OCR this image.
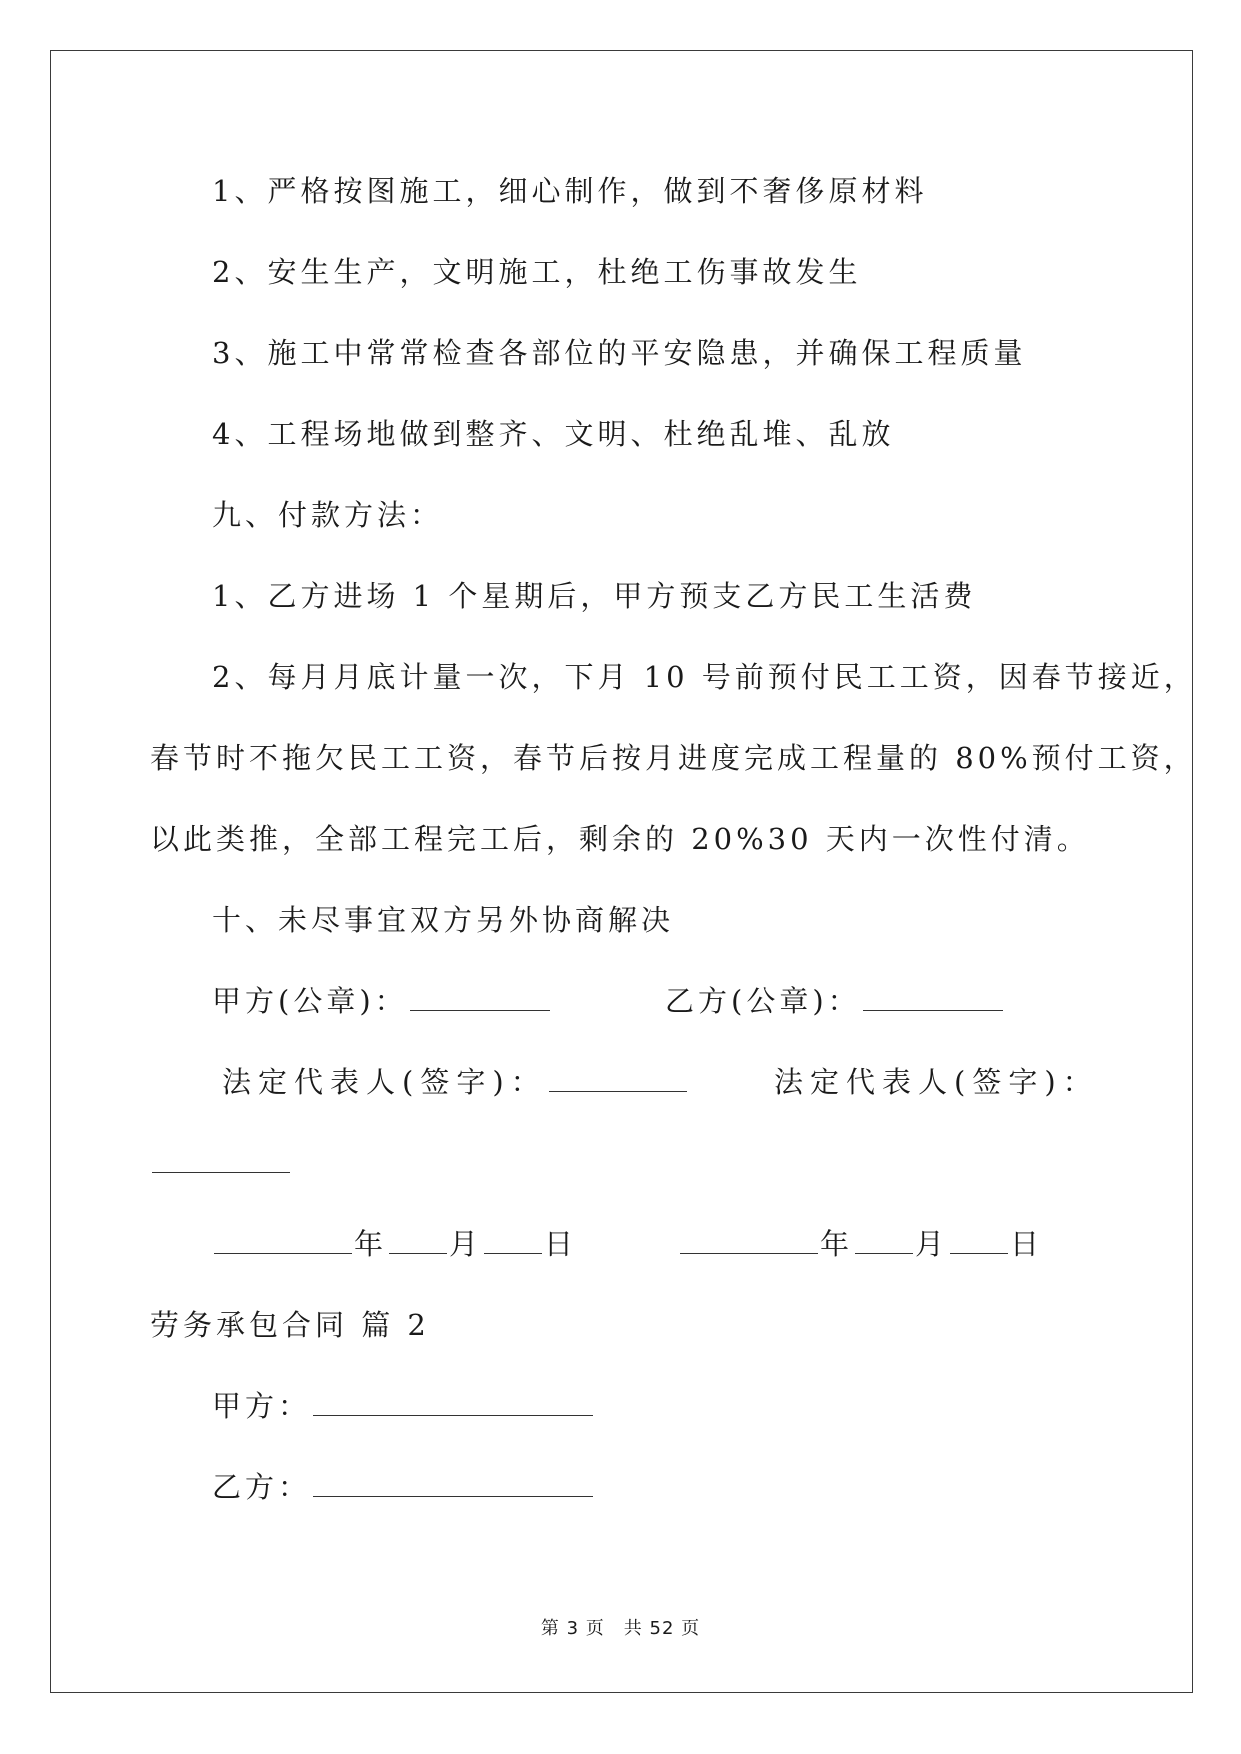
1、严格按图施工，细心制作，做到不奢侈原材料
2、安生生产，文明施工，杜绝工伤事故发生
3、施工中常常检查各部位的平安隐患，并确保工程质量
4、工程场地做到整齐、文明、杜绝乱堆、乱放
九、付款方法：
1、乙方进场 1 个星期后，甲方预支乙方民工生活费
2、每月月底计量一次，下月 10 号前预付民工工资，因春节接近，
春节时不拖欠民工工资，春节后按月进度完成工程量的 80%预付工资，
以此类推，全部工程完工后，剩余的 20%30 天内一次性付清。
十、未尽事宜双方另外协商解决
甲方(公章)：	乙方(公章)：
法定代表人(签字)：	法定代表人(签字)：
年 月 日	年 月 日
劳务承包合同 篇 2
甲方：
乙方：
第 3 页　共 52 页
